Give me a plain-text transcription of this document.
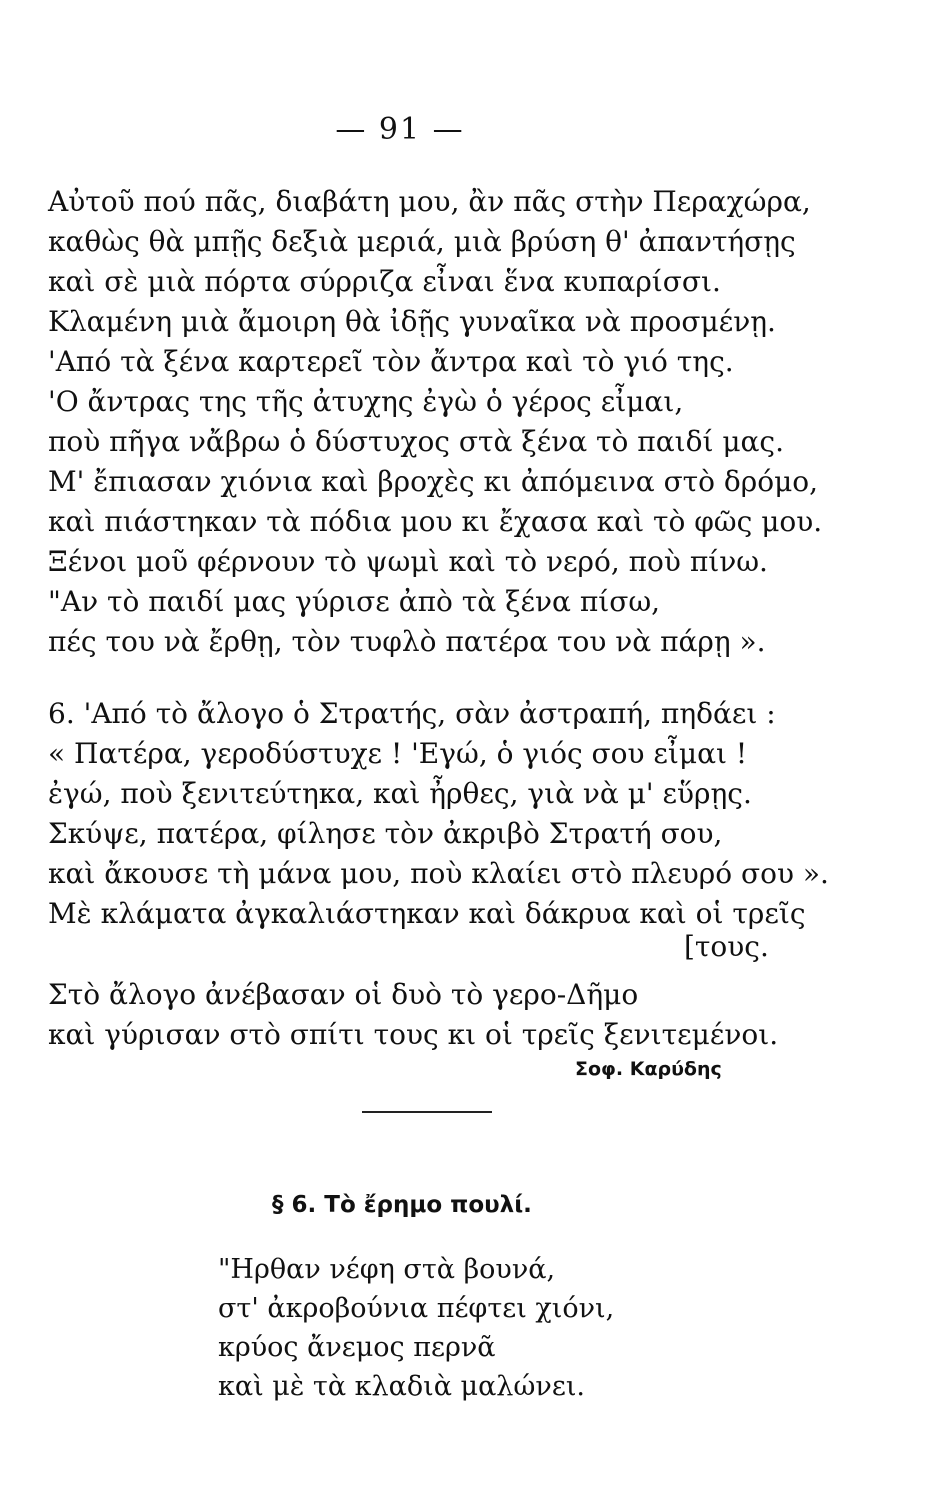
— 91 —
Αὐτοῦ πού πᾶς, διαβάτη μου, ἂν πᾶς στὴν Περαχώρα,
καθὼς θὰ μπῇς δεξιὰ μεριά, μιὰ βρύση θ' ἀπαντήσῃς
καὶ σὲ μιὰ πόρτα σύρριζα εἶναι ἕνα κυπαρίσσι.
Κλαμένη μιὰ ἄμοιρη θὰ ἰδῇς γυναῖκα νὰ προσμένῃ.
'Από τὰ ξένα καρτερεῖ τὸν ἄντρα καὶ τὸ γιό της.
'Ο ἄντρας της τῆς ἀτυχης ἐγὼ ὁ γέρος εἶμαι,
ποὺ πῆγα νἄβρω ὁ δύστυχος στὰ ξένα τὸ παιδί μας.
Μ' ἔπιασαν χιόνια καὶ βροχὲς κι ἀπόμεινα στὸ δρόμο,
καὶ πιάστηκαν τὰ πόδια μου κι ἔχασα καὶ τὸ φῶς μου.
Ξένοι μοῦ φέρνουν τὸ ψωμὶ καὶ τὸ νερό, ποὺ πίνω.
"Αν τὸ παιδί μας γύρισε ἀπὸ τὰ ξένα πίσω,
πές του νὰ ἔρθῃ, τὸν τυφλὸ πατέρα του νὰ πάρῃ ».
6. 'Από τὸ ἄλογο ὁ Στρατής, σὰν ἀστραπή, πηδάει :
« Πατέρα, γεροδύστυχε ! 'Εγώ, ὁ γιός σου εἶμαι !
ἐγώ, ποὺ ξενιτεύτηκα, καὶ ἦρθες, γιὰ νὰ μ' εὕρῃς.
Σκύψε, πατέρα, φίλησε τὸν ἀκριβὸ Στρατή σου,
καὶ ἄκουσε τὴ μάνα μου, ποὺ κλαίει στὸ πλευρό σου ».
Μὲ κλάματα ἀγκαλιάστηκαν καὶ δάκρυα καὶ οἱ τρεῖς
[τους.
Στὸ ἄλογο ἀνέβασαν οἱ δυὸ τὸ γερο-Δῆμο
καὶ γύρισαν στὸ σπίτι τους κι οἱ τρεῖς ξενιτεμένοι.
Σοφ. Καρύδης
§ 6. Τὸ ἔρημο πουλί.
"Ηρθαν νέφη στὰ βουνά,
στ' ἀκροβούνια πέφτει χιόνι,
κρύος ἄνεμος περνᾶ
καὶ μὲ τὰ κλαδιὰ μαλώνει.
